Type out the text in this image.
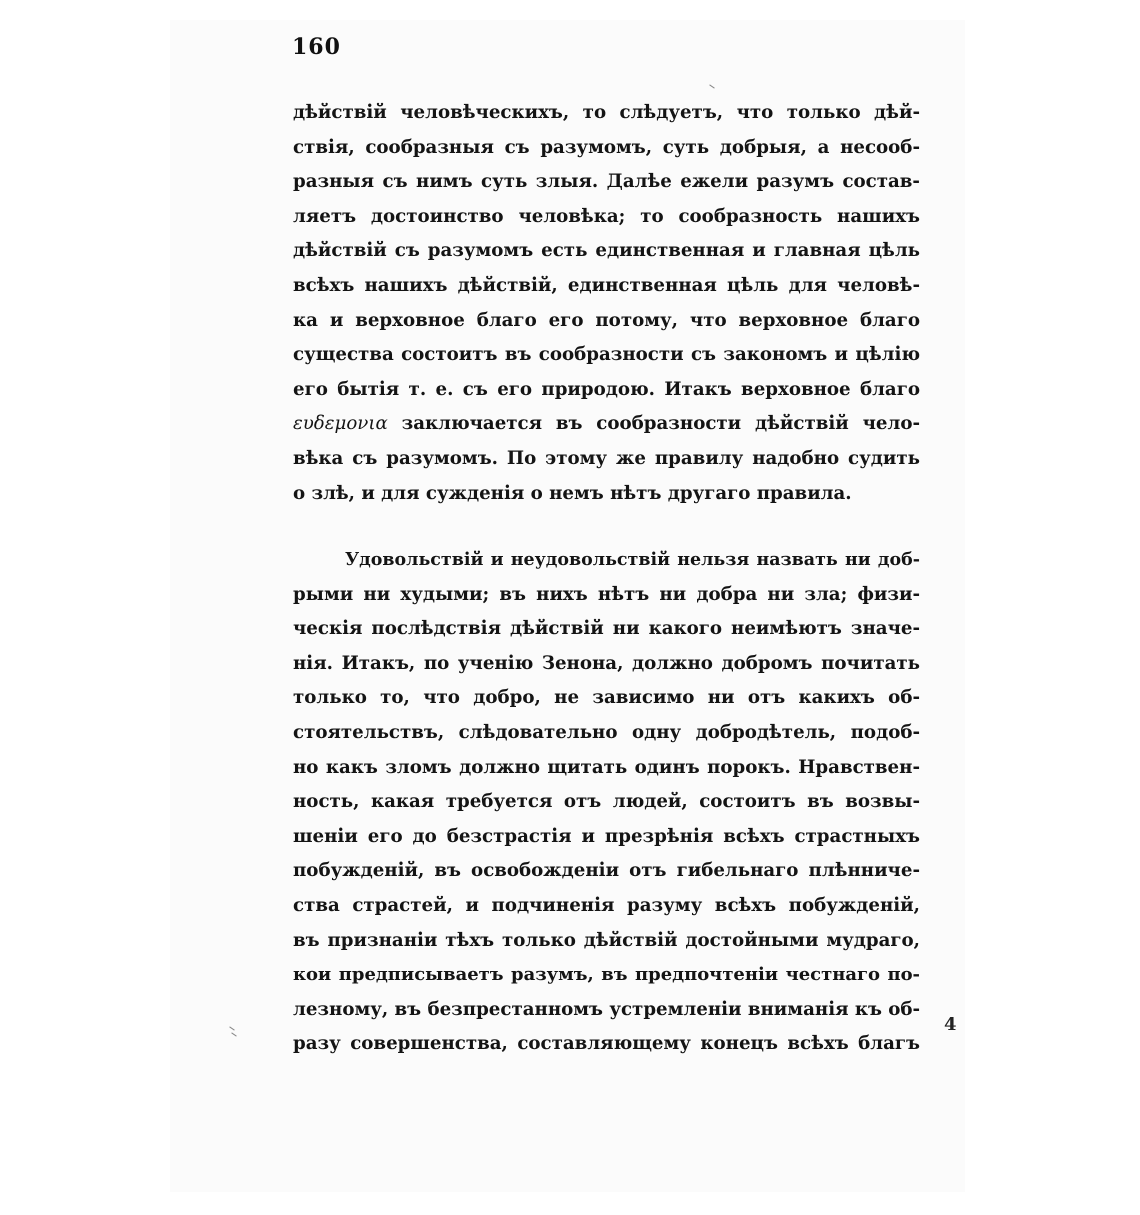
160
дѣйствій человѣческихъ, то слѣдуетъ, что только дѣй-
ствія, сообразныя съ разумомъ, суть добрыя, а несооб-
разныя съ нимъ суть злыя. Далѣе ежели разумъ состав-
ляетъ достоинство человѣка; то сообразность нашихъ
дѣйствій съ разумомъ есть единственная и главная цѣль
всѣхъ нашихъ дѣйствій, единственная цѣль для человѣ-
ка и верховное благо его потому, что верховное благо
существа состоитъ въ сообразности съ закономъ и цѣлію
его бытія т. е. съ его природою. Итакъ верховное благо
ευδεμονια заключается въ сообразности дѣйствій чело-
вѣка съ разумомъ. По этому же правилу надобно судить
о злѣ, и для сужденія о немъ нѣтъ другаго правила.
Удовольствій и неудовольствій нельзя назвать ни доб-
рыми ни худыми; въ нихъ нѣтъ ни добра ни зла; физи-
ческія послѣдствія дѣйствій ни какого неимѣютъ значе-
нія. Итакъ, по ученію Зенона, должно добромъ почитать
только то, что добро, не зависимо ни отъ какихъ об-
стоятельствъ, слѣдовательно одну добродѣтель, подоб-
но какъ зломъ должно щитать одинъ порокъ. Нравствен-
ность, какая требуется отъ людей, состоитъ въ возвы-
шеніи его до безстрастія и презрѣнія всѣхъ страстныхъ
побужденій, въ освобожденіи отъ гибельнаго плѣнниче-
ства страстей, и подчиненія разуму всѣхъ побужденій,
въ признаніи тѣхъ только дѣйствій достойными мудраго,
кои предписываетъ разумъ, въ предпочтеніи честнаго по-
лезному, въ безпрестанномъ устремленіи вниманія къ об-
разу совершенства, составляющему конецъ всѣхъ благъ
4
